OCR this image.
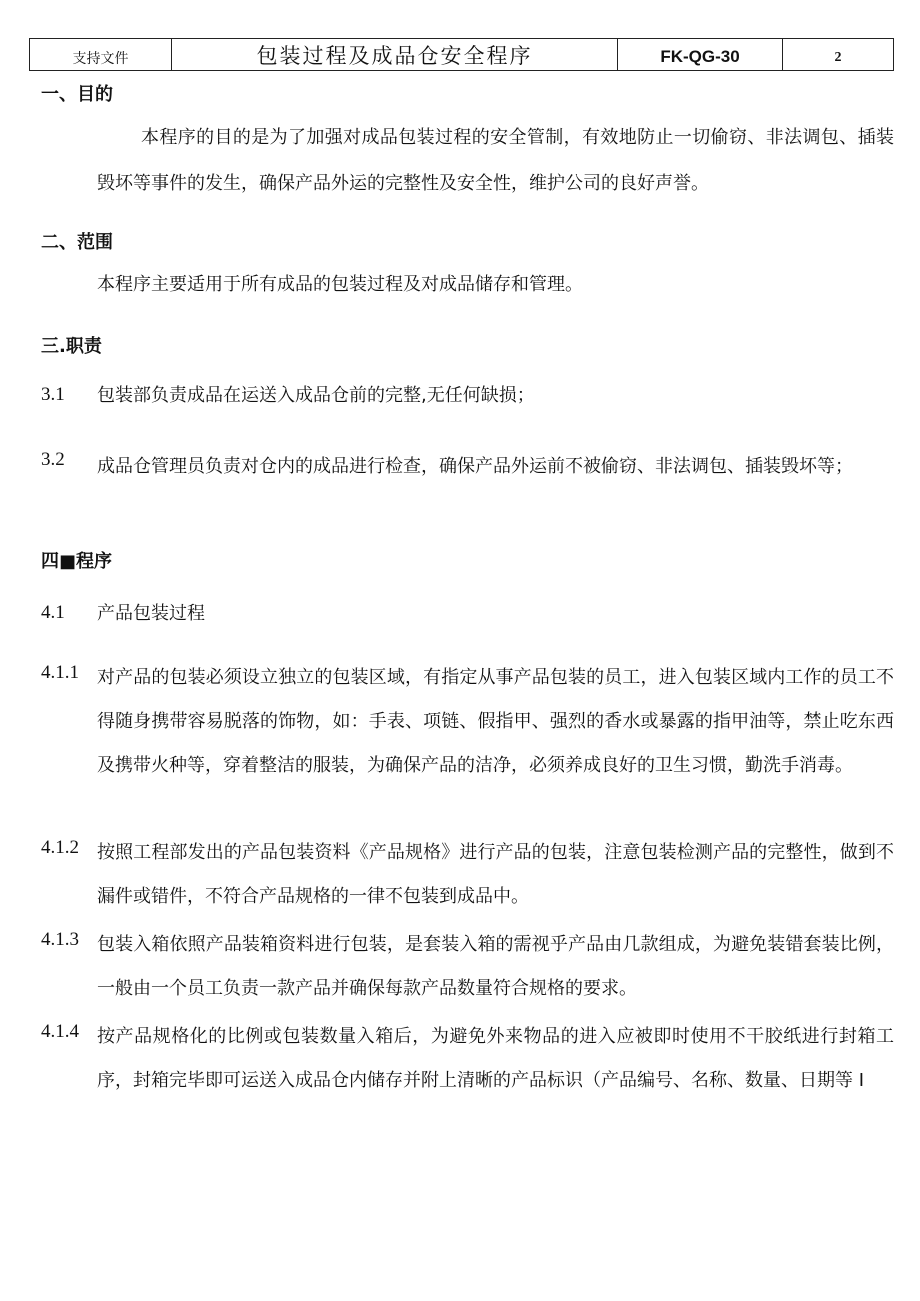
支持文件	包装过程及成品仓安全程序	FK-QG-30	2
一、目的
本程序的目的是为了加强对成品包装过程的安全管制，有效地防止一切偷窃、非法调包、插装毁坏等事件的发生，确保产品外运的完整性及安全性，维护公司的良好声誉。
二、范围
本程序主要适用于所有成品的包装过程及对成品储存和管理。
三.职责
3.1 包装部负责成品在运送入成品仓前的完整,无任何缺损；
3.2 成品仓管理员负责对仓内的成品进行检查，确保产品外运前不被偷窃、非法调包、插装毁坏等；
四■程序
4.1 产品包装过程
4.1.1 对产品的包装必须设立独立的包装区域，有指定从事产品包装的员工，进入包装区域内工作的员工不得随身携带容易脱落的饰物，如：手表、项链、假指甲、强烈的香水或暴露的指甲油等，禁止吃东西及携带火种等，穿着整洁的服装，为确保产品的洁净，必须养成良好的卫生习惯，勤洗手消毒。
4.1.2 按照工程部发出的产品包装资料《产品规格》进行产品的包装，注意包装检测产品的完整性，做到不漏件或错件，不符合产品规格的一律不包装到成品中。
4.1.3 包装入箱依照产品装箱资料进行包装，是套装入箱的需视乎产品由几款组成，为避免装错套装比例，一般由一个员工负责一款产品并确保每款产品数量符合规格的要求。
4.1.4 按产品规格化的比例或包装数量入箱后，为避免外来物品的进入应被即时使用不干胶纸进行封箱工序，封箱完毕即可运送入成品仓内储存并附上清晰的产品标识（产品编号、名称、数量、日期等 I
